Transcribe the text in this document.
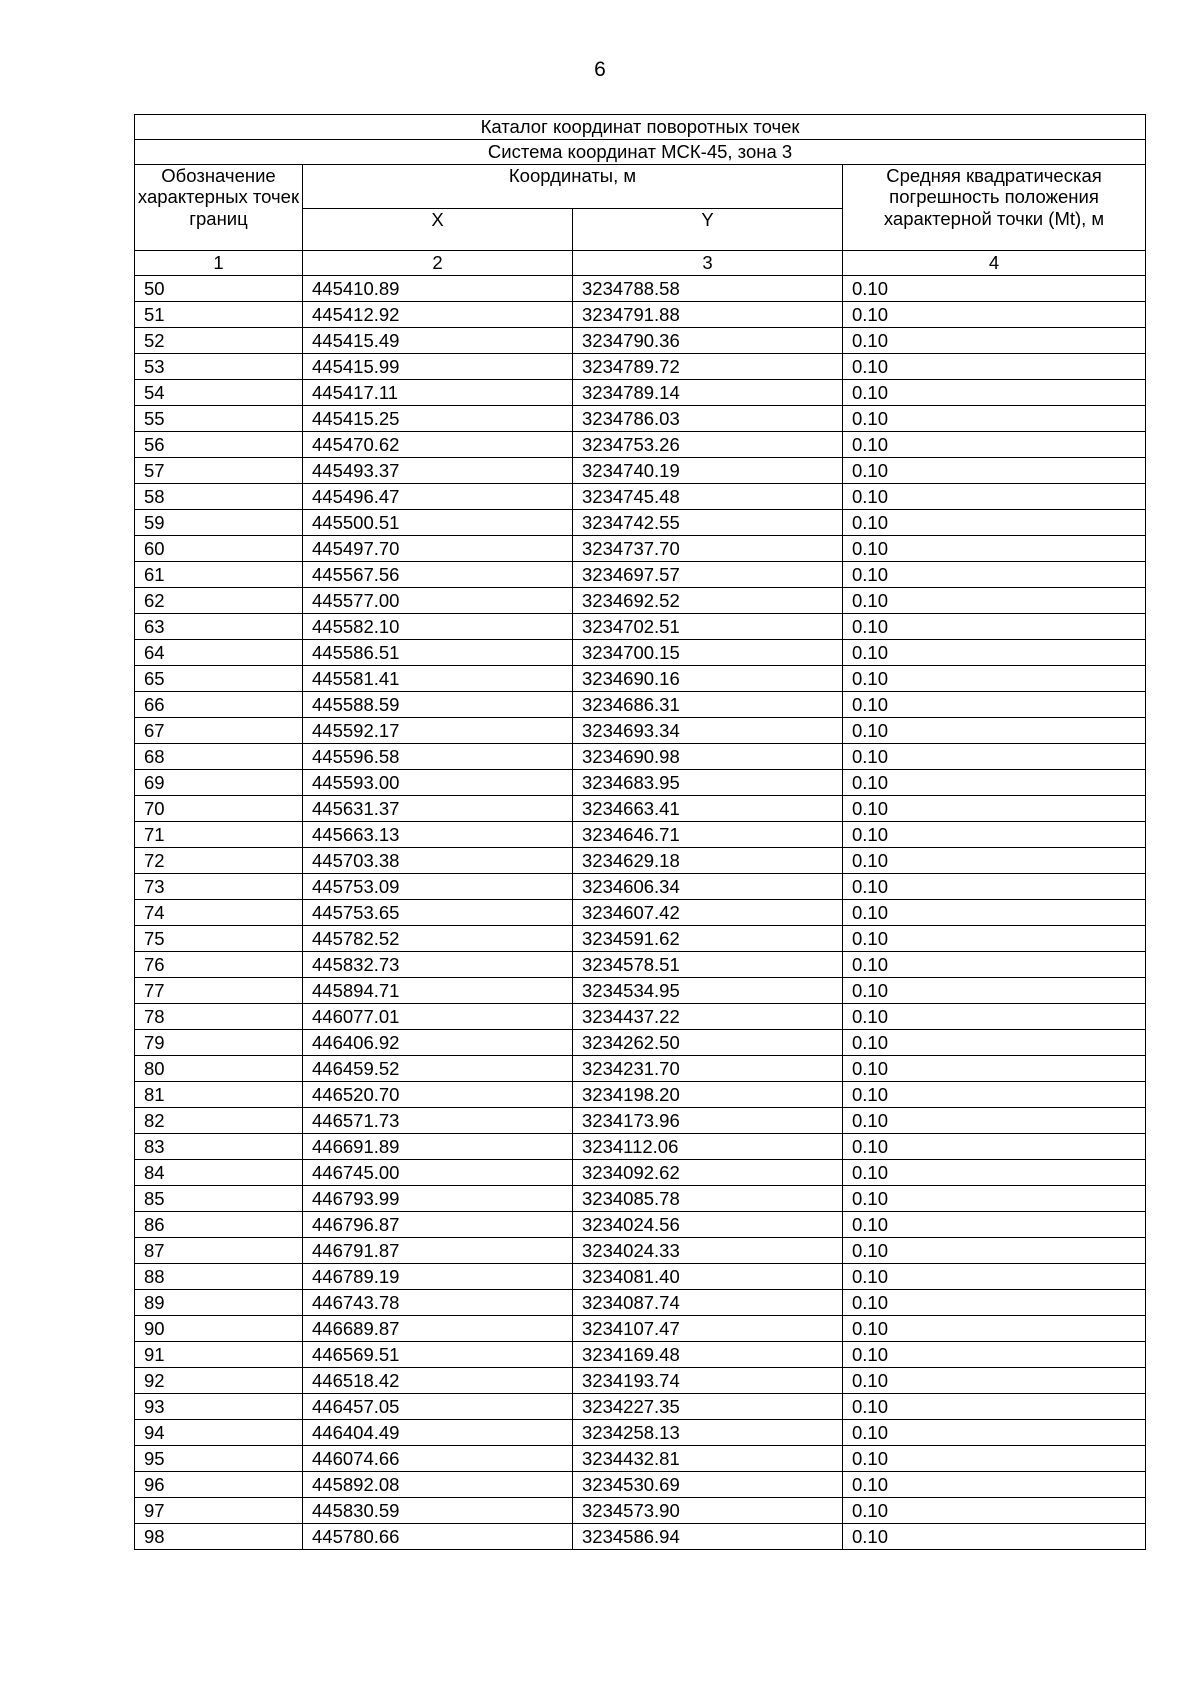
6
Каталог координат поворотных точек			
Система координат МСК-45, зона 3			
Обозначение характерных точек границ	Координаты, м		Средняя квадратическая погрешность положения характерной точки (Mt), м
	X	Y	
1	2	3	4
50	445410.89	3234788.58	0.10
51	445412.92	3234791.88	0.10
52	445415.49	3234790.36	0.10
53	445415.99	3234789.72	0.10
54	445417.11	3234789.14	0.10
55	445415.25	3234786.03	0.10
56	445470.62	3234753.26	0.10
57	445493.37	3234740.19	0.10
58	445496.47	3234745.48	0.10
59	445500.51	3234742.55	0.10
60	445497.70	3234737.70	0.10
61	445567.56	3234697.57	0.10
62	445577.00	3234692.52	0.10
63	445582.10	3234702.51	0.10
64	445586.51	3234700.15	0.10
65	445581.41	3234690.16	0.10
66	445588.59	3234686.31	0.10
67	445592.17	3234693.34	0.10
68	445596.58	3234690.98	0.10
69	445593.00	3234683.95	0.10
70	445631.37	3234663.41	0.10
71	445663.13	3234646.71	0.10
72	445703.38	3234629.18	0.10
73	445753.09	3234606.34	0.10
74	445753.65	3234607.42	0.10
75	445782.52	3234591.62	0.10
76	445832.73	3234578.51	0.10
77	445894.71	3234534.95	0.10
78	446077.01	3234437.22	0.10
79	446406.92	3234262.50	0.10
80	446459.52	3234231.70	0.10
81	446520.70	3234198.20	0.10
82	446571.73	3234173.96	0.10
83	446691.89	3234112.06	0.10
84	446745.00	3234092.62	0.10
85	446793.99	3234085.78	0.10
86	446796.87	3234024.56	0.10
87	446791.87	3234024.33	0.10
88	446789.19	3234081.40	0.10
89	446743.78	3234087.74	0.10
90	446689.87	3234107.47	0.10
91	446569.51	3234169.48	0.10
92	446518.42	3234193.74	0.10
93	446457.05	3234227.35	0.10
94	446404.49	3234258.13	0.10
95	446074.66	3234432.81	0.10
96	445892.08	3234530.69	0.10
97	445830.59	3234573.90	0.10
98	445780.66	3234586.94	0.10
